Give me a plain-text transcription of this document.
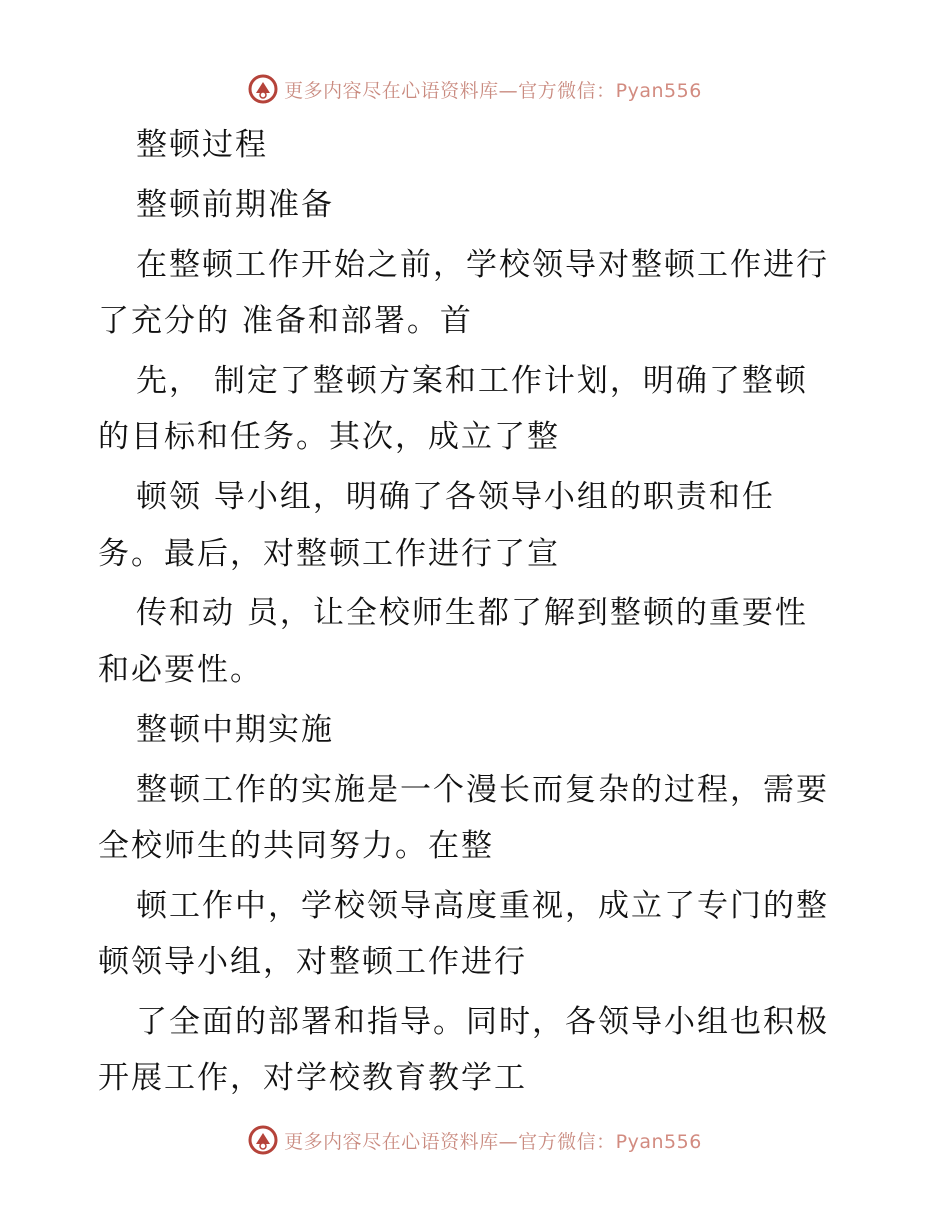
更多内容尽在心语资料库—官方微信：Pyan556
整顿过程
整顿前期准备
在整顿工作开始之前，学校领导对整顿工作进行
了充分的 准备和部署。首
先， 制定了整顿方案和工作计划，明确了整顿
的目标和任务。其次，成立了整
顿领 导小组，明确了各领导小组的职责和任
务。最后，对整顿工作进行了宣
传和动 员，让全校师生都了解到整顿的重要性
和必要性。
整顿中期实施
整顿工作的实施是一个漫长而复杂的过程，需要
全校师生的共同努力。在整
顿工作中，学校领导高度重视，成立了专门的整
顿领导小组，对整顿工作进行
了全面的部署和指导。同时，各领导小组也积极
开展工作，对学校教育教学工
更多内容尽在心语资料库—官方微信：Pyan556
